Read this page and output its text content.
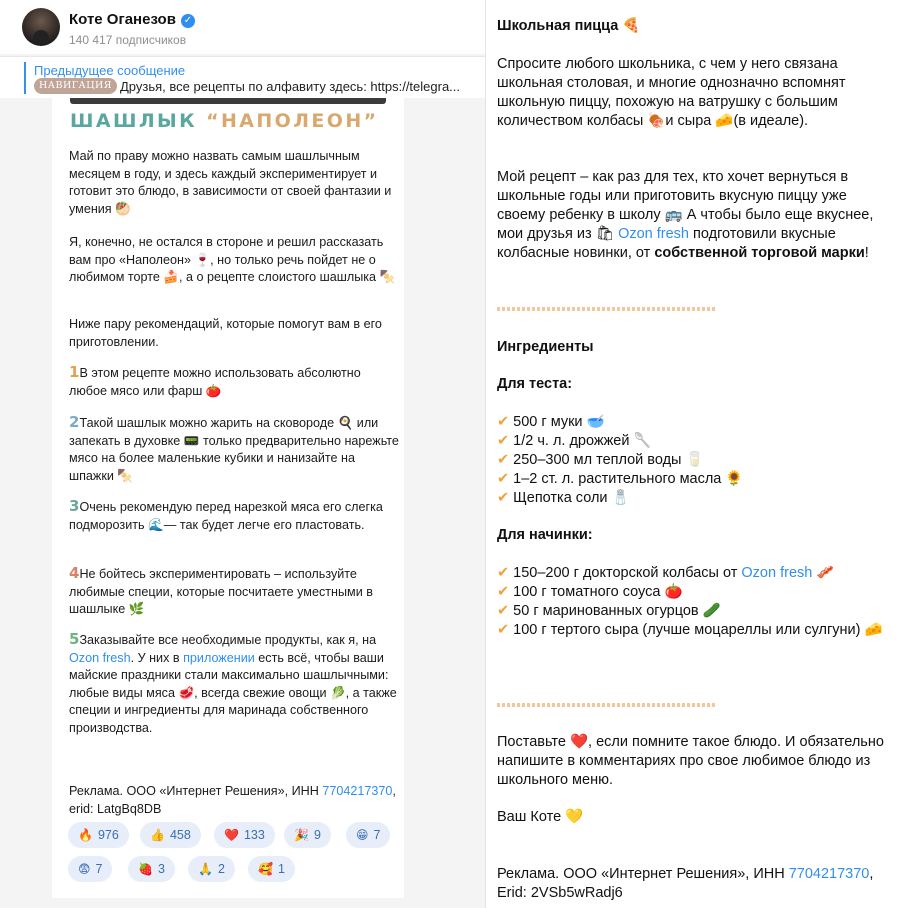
Котe Оганезов ✓
140 417 подписчиков
Предыдущее сообщение
НАВИГАЦИЯ Друзья, все рецепты по алфавиту здесь: https://telegra...
ШАШЛЫК “НАПОЛЕОН”
Май по праву можно назвать самым шашлычным месяцем в году, и здесь каждый экспериментирует и готовит это блюдо, в зависимости от своей фантазии и умения 🥙
Я, конечно, не остался в стороне и решил рассказать вам про «Наполеон» 🍷, но только речь пойдет не о любимом торте 🍰, а о рецепте слоистого шашлыка 🍢
Ниже пару рекомендаций, которые помогут вам в его приготовлении.
1В этом рецепте можно использовать абсолютно любое мясо или фарш 🍅
2Такой шашлык можно жарить на сковороде 🍳 или запекать в духовке 📟 только предварительно нарежьте мясо на более маленькие кубики и нанизайте на шпажки 🍢
3Очень рекомендую перед нарезкой мяса его слегка подморозить 🌊— так будет легче его пластовать.
4Не бойтесь экспериментировать – используйте любимые специи, которые посчитаете уместными в шашлыке 🌿
5Заказывайте все необходимые продукты, как я, на Ozon fresh. У них в приложении есть всё, чтобы ваши майские праздники стали максимально шашлычными: любые виды мяса 🥩, всегда свежие овощи 🥬, а также специи и ингредиенты для маринада собственного производства.
Реклама. ООО «Интернет Решения», ИНН 7704217370, erid: LatgBq8DB
🔥 976	👍 458	❤️ 133	🎉 9	😁 7
😨 7	🍓 3	🙏 2	🥰 1
Школьная пицца 🍕
Спросите любого школьника, с чем у него связана школьная столовая, и многие однозначно вспомнят школьную пиццу, похожую на ватрушку с большим количеством колбасы 🍖и сыра 🧀(в идеале).
Мой рецепт – как раз для тех, кто хочет вернуться в школьные годы или приготовить вкусную пиццу уже своему ребенку в школу 🚌 А чтобы было еще вкуснее, мои друзья из 🛍 Ozon fresh подготовили вкусные колбасные новинки, от собственной торговой марки!
Ингредиенты
Для теста:
✔ 500 г муки 🥣
✔ 1/2 ч. л. дрожжей 🥄
✔ 250–300 мл теплой воды 🥛
✔ 1–2 ст. л. растительного масла 🌻
✔ Щепотка соли 🧂
Для начинки:
✔ 150–200 г докторской колбасы от Ozon fresh 🥓
✔ 100 г томатного соуса 🍅
✔ 50 г маринованных огурцов 🥒
✔ 100 г тертого сыра (лучше моцареллы или сулгуни) 🧀
Поставьте ❤️, если помните такое блюдо. И обязательно напишите в комментариях про свое любимое блюдо из школьного меню.
Ваш Коте 💛
Реклама. ООО «Интернет Решения», ИНН 7704217370, Erid: 2VSb5wRadj6
